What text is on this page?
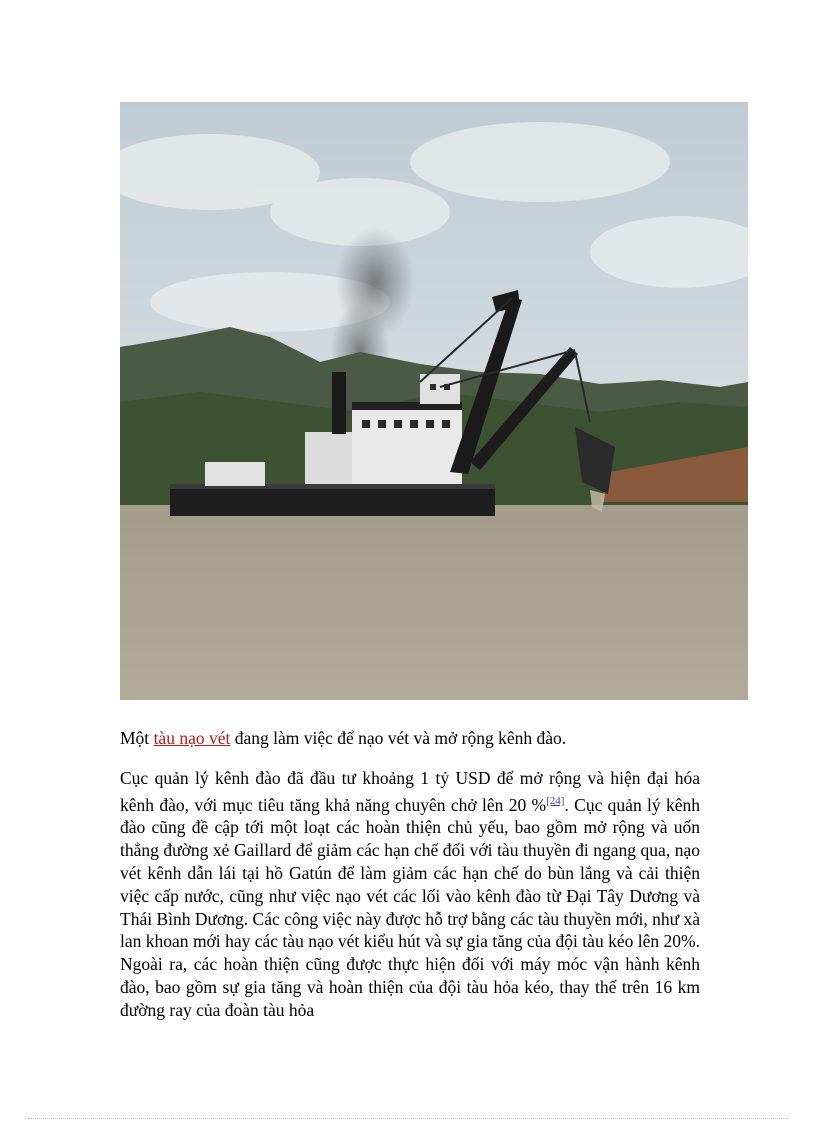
Một tàu nạo vét đang làm việc để nạo vét và mở rộng kênh đào.

Cục quản lý kênh đào đã đầu tư khoảng 1 tỷ USD để mở rộng và hiện đại hóa kênh đào, với mục tiêu tăng khả năng chuyên chở lên 20 %[24]. Cục quản lý kênh đào cũng đề cập tới một loạt các hoàn thiện chủ yếu, bao gồm mở rộng và uốn thẳng đường xẻ Gaillard để giảm các hạn chế đối với tàu thuyền đi ngang qua, nạo vét kênh dẫn lái tại hồ Gatún để làm giảm các hạn chế do bùn lắng và cải thiện việc cấp nước, cũng như việc nạo vét các lối vào kênh đào từ Đại Tây Dương và Thái Bình Dương. Các công việc này được hỗ trợ bằng các tàu thuyền mới, như xà lan khoan mới hay các tàu nạo vét kiểu hút và sự gia tăng của đội tàu kéo lên 20%. Ngoài ra, các hoàn thiện cũng được thực hiện đối với máy móc vận hành kênh đào, bao gồm sự gia tăng và hoàn thiện của đội tàu hỏa kéo, thay thế trên 16 km đường ray của đoàn tàu hỏa
